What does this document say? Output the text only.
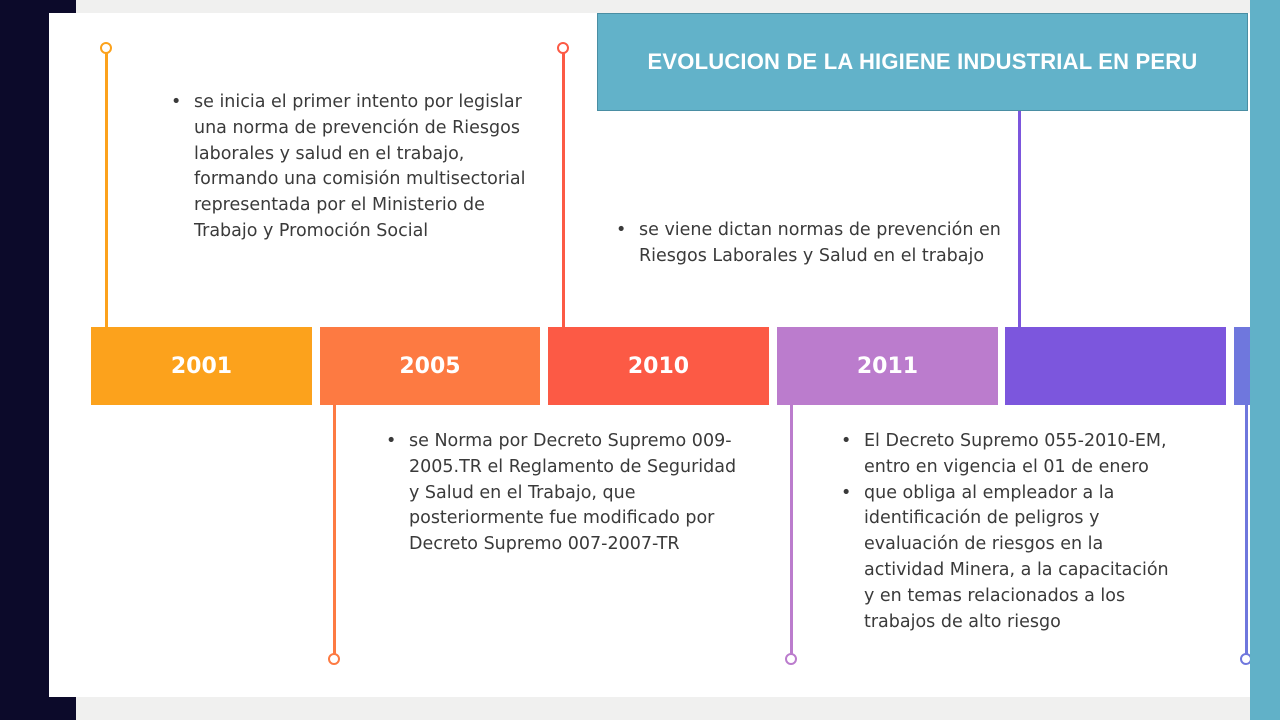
• se inicia el primer intento por legislar una norma de prevención de Riesgos laborales y salud en el trabajo, formando una comisión multisectorial representada por el Ministerio de Trabajo y Promoción Social
• se Norma por Decreto Supremo 009-2005.TR el Reglamento de Seguridad y Salud en el Trabajo, que posteriormente fue modificado por Decreto Supremo 007-2007-TR
• se viene dictan normas de prevención en Riesgos Laborales y Salud en el trabajo
• El Decreto Supremo 055-2010-EM, entro en vigencia el 01 de enero
• que obliga al empleador a la identificación de peligros y evaluación de riesgos en la actividad Minera, a la capacitación y en temas relacionados a los trabajos de alto riesgo
2001	2005	2010	2011
EVOLUCION DE LA HIGIENE INDUSTRIAL EN PERU
